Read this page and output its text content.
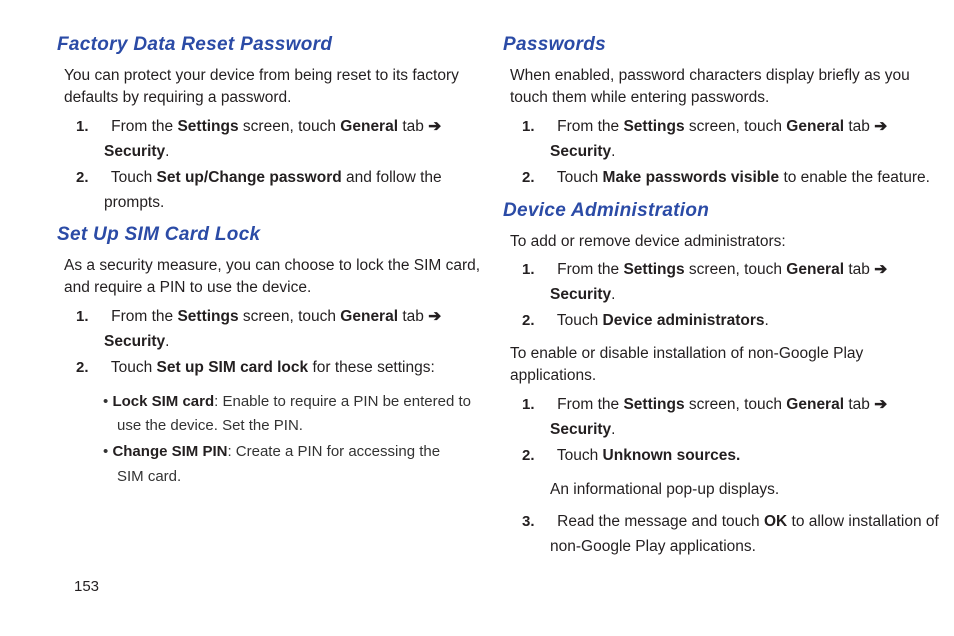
Factory Data Reset Password
You can protect your device from being reset to its factory
defaults by requiring a password.
1. From the Settings screen, touch General tab ➔
Security.
2. Touch Set up/Change password and follow the
prompts.
Set Up SIM Card Lock
As a security measure, you can choose to lock the SIM card,
and require a PIN to use the device.
1. From the Settings screen, touch General tab ➔
Security.
2. Touch Set up SIM card lock for these settings:
• Lock SIM card: Enable to require a PIN be entered to
use the device. Set the PIN.
• Change SIM PIN: Create a PIN for accessing the
SIM card.
Passwords
When enabled, password characters display briefly as you
touch them while entering passwords.
1. From the Settings screen, touch General tab ➔
Security.
2. Touch Make passwords visible to enable the feature.
Device Administration
To add or remove device administrators:
1. From the Settings screen, touch General tab ➔
Security.
2. Touch Device administrators.
To enable or disable installation of non-Google Play
applications.
1. From the Settings screen, touch General tab ➔
Security.
2. Touch Unknown sources.
An informational pop-up displays.
3. Read the message and touch OK to allow installation of
non-Google Play applications.
153
